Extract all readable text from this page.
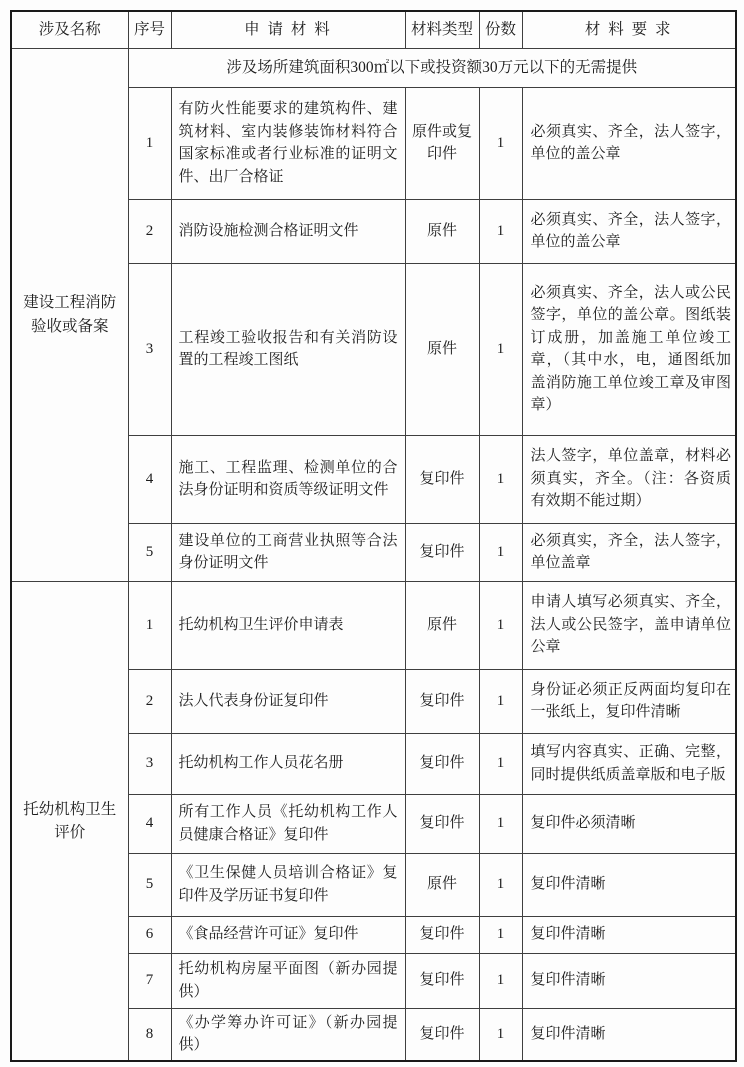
涉及名称	序号	申 请 材 料	材料类型	份数	材 料 要 求
建设工程消防验收或备案	涉及场所建筑面积300㎡以下或投资额30万元以下的无需提供				
	1	有防火性能要求的建筑构件、建筑材料、室内装修装饰材料符合国家标准或者行业标准的证明文件、出厂合格证	原件或复印件	1	必须真实、齐全，法人签字，单位的盖公章
	2	消防设施检测合格证明文件	原件	1	必须真实、齐全，法人签字，单位的盖公章
	3	工程竣工验收报告和有关消防设置的工程竣工图纸	原件	1	必须真实、齐全，法人或公民签字，单位的盖公章。图纸装订成册，加盖施工单位竣工章，（其中水，电，通图纸加盖消防施工单位竣工章及审图章）
	4	施工、工程监理、检测单位的合法身份证明和资质等级证明文件	复印件	1	法人签字，单位盖章，材料必须真实，齐全。（注：各资质有效期不能过期）
	5	建设单位的工商营业执照等合法身份证明文件	复印件	1	必须真实，齐全，法人签字，单位盖章
托幼机构卫生评价	1	托幼机构卫生评价申请表	原件	1	申请人填写必须真实、齐全，法人或公民签字，盖申请单位公章
	2	法人代表身份证复印件	复印件	1	身份证必须正反两面均复印在一张纸上，复印件清晰
	3	托幼机构工作人员花名册	复印件	1	填写内容真实、正确、完整，同时提供纸质盖章版和电子版
	4	所有工作人员《托幼机构工作人员健康合格证》复印件	复印件	1	复印件必须清晰
	5	《卫生保健人员培训合格证》复印件及学历证书复印件	原件	1	复印件清晰
	6	《食品经营许可证》复印件	复印件	1	复印件清晰
	7	托幼机构房屋平面图（新办园提供）	复印件	1	复印件清晰
	8	《办学筹办许可证》（新办园提供）	复印件	1	复印件清晰
